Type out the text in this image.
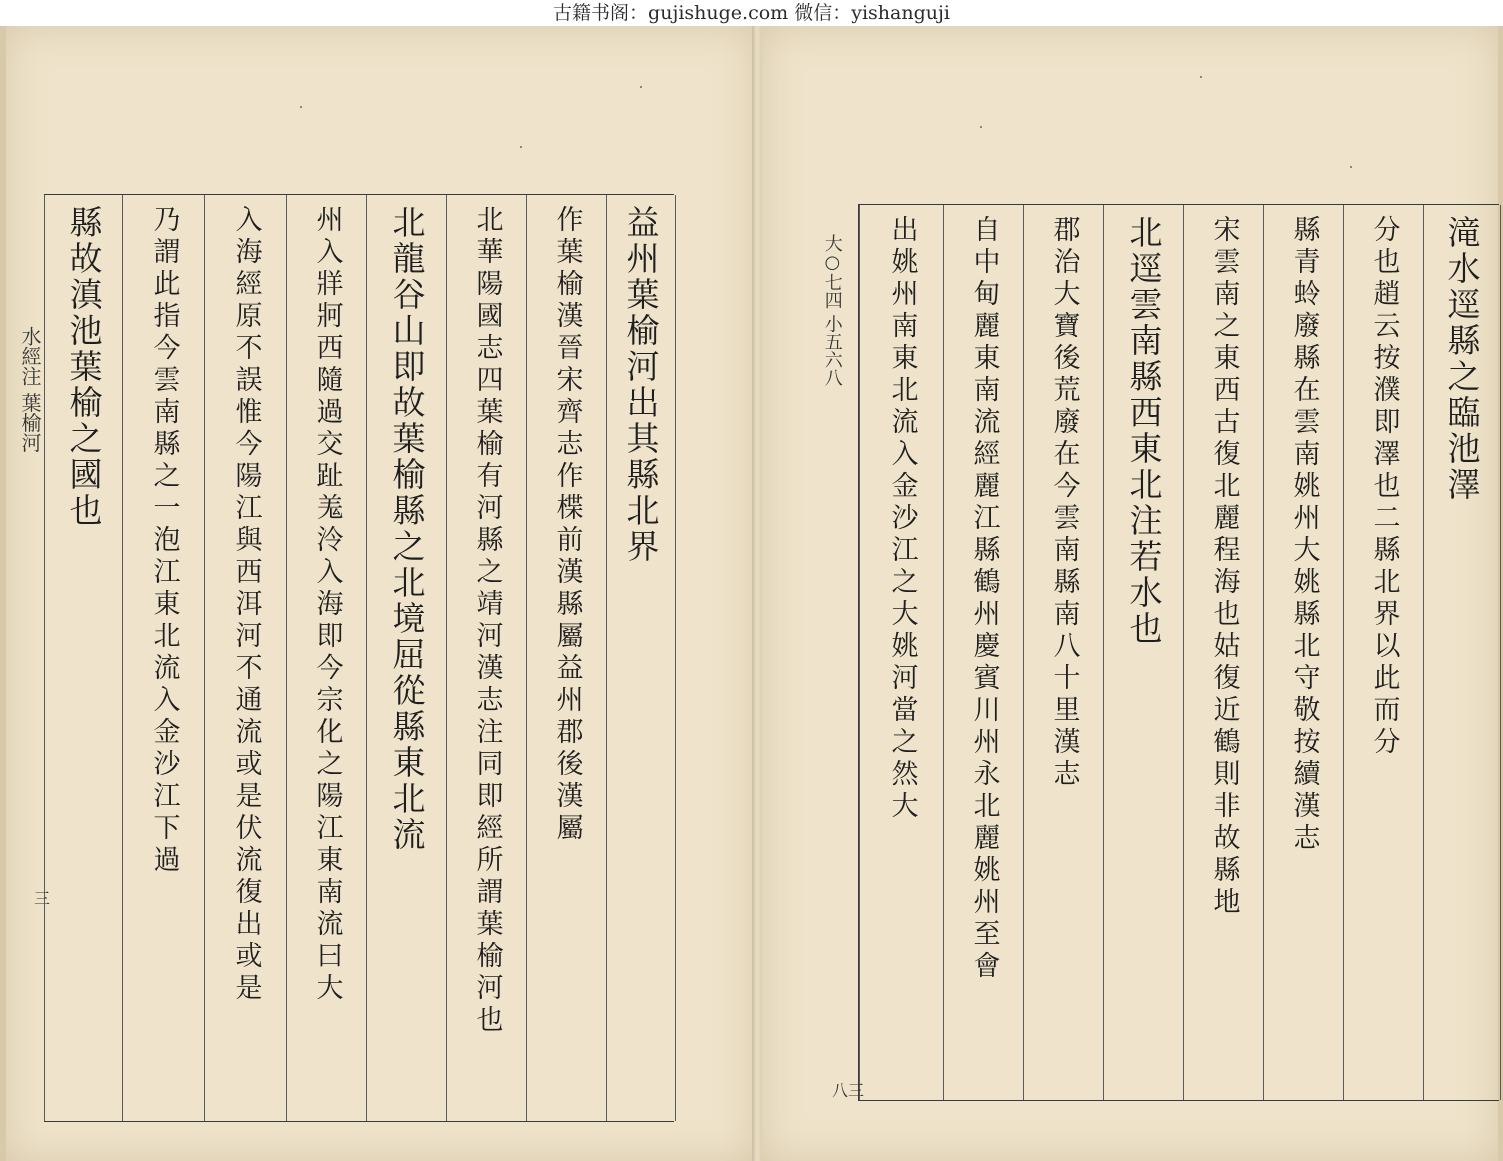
古籍书阁：gujishuge.com 微信：yishanguji
水經注 葉榆河 縣故滇池葉榆之國也 乃謂此指今雲南縣之一泡江東北流入金沙江下過 入海經原不誤惟今陽江與西洱河不通流或是伏流復出或是 州入牂牁西隨過交趾羗泠入海即今宗化之陽江東南流曰大 北龍谷山即故葉榆縣之北境屈從縣東北流 北華陽國志四葉榆有河縣之靖河漢志注同即經所謂葉榆河也 作葉榆漢晉宋齊志作楪前漢縣屬益州郡後漢屬 益州葉榆河出其縣北界
三
大○七四 小五六八 出姚州南東北流入金沙江之大姚河當之然大 自中甸麗東南流經麗江縣鶴州慶賓川州永北麗姚州至會 郡治大寶後荒廢在今雲南縣南八十里漢志 北逕雲南縣西東北注若水也 宋雲南之東西古復北麗程海也姑復近鶴則非故縣地 縣青蛉廢縣在雲南姚州大姚縣北守敬按續漢志 分也趙云按濮即澤也二縣北界以此而分 滝水逕縣之臨池澤
八三
